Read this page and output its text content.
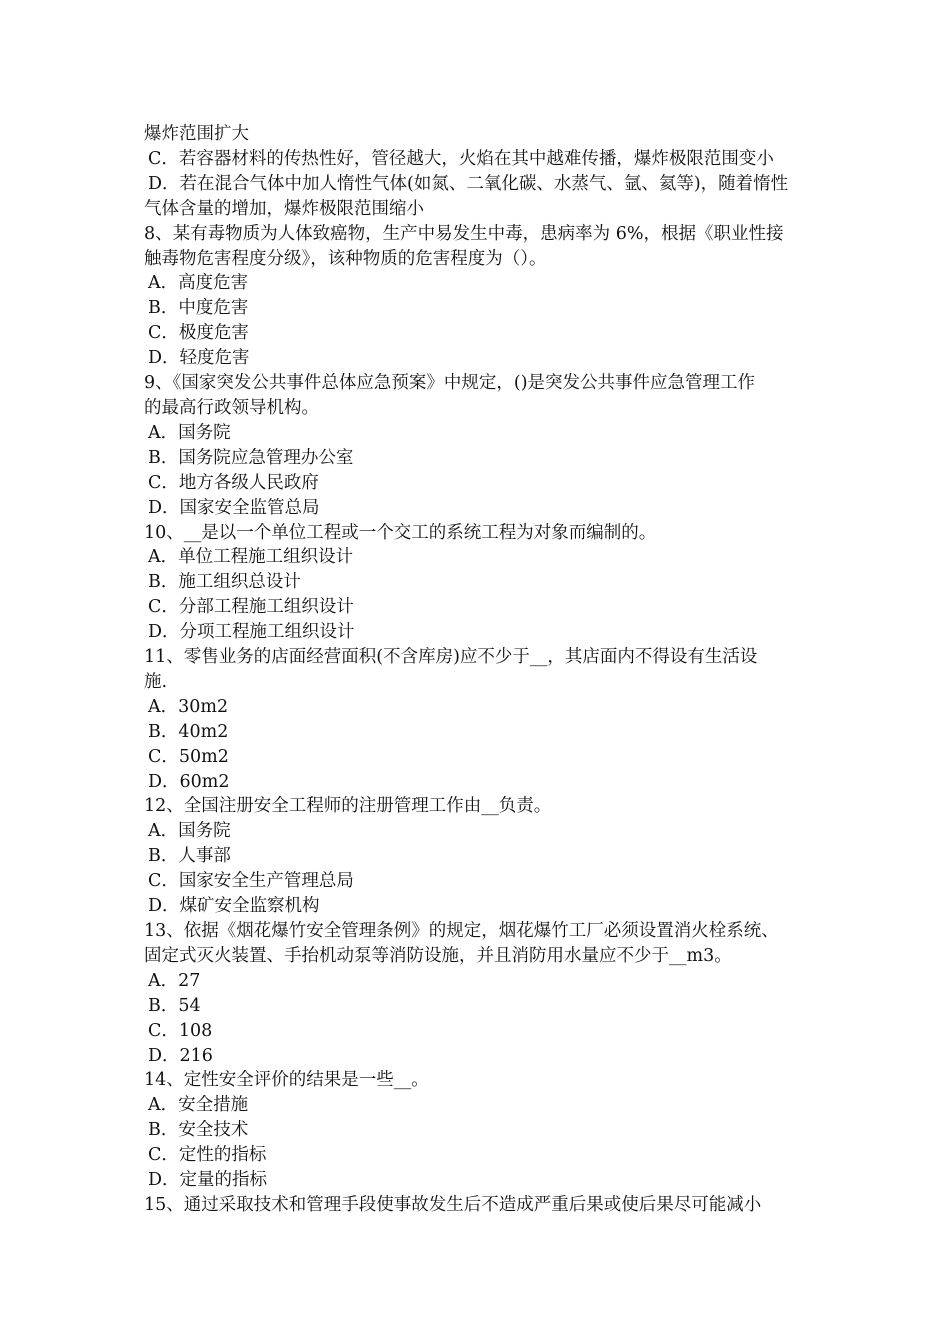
爆炸范围扩大
C．若容器材料的传热性好，管径越大，火焰在其中越难传播，爆炸极限范围变小
D．若在混合气体中加人惰性气体(如氮、二氧化碳、水蒸气、氩、氦等)，随着惰性
气体含量的增加，爆炸极限范围缩小
8、某有毒物质为人体致癌物，生产中易发生中毒，患病率为 6%，根据《职业性接
触毒物危害程度分级》，该种物质的危害程度为（）。
A．高度危害
B．中度危害
C．极度危害
D．轻度危害
9、《国家突发公共事件总体应急预案》中规定，()是突发公共事件应急管理工作
的最高行政领导机构。
A．国务院
B．国务院应急管理办公室
C．地方各级人民政府
D．国家安全监管总局
10、__是以一个单位工程或一个交工的系统工程为对象而编制的。
A．单位工程施工组织设计
B．施工组织总设计
C．分部工程施工组织设计
D．分项工程施工组织设计
11、零售业务的店面经营面积(不含库房)应不少于__，其店面内不得设有生活设
施.
A．30m2
B．40m2
C．50m2
D．60m2
12、全国注册安全工程师的注册管理工作由__负责。
A．国务院
B．人事部
C．国家安全生产管理总局
D．煤矿安全监察机构
13、依据《烟花爆竹安全管理条例》的规定，烟花爆竹工厂必须设置消火栓系统、
固定式灭火装置、手抬机动泵等消防设施，并且消防用水量应不少于__m3。
A．27
B．54
C．108
D．216
14、定性安全评价的结果是一些__。
A．安全措施
B．安全技术
C．定性的指标
D．定量的指标
15、通过采取技术和管理手段使事故发生后不造成严重后果或使后果尽可能减小
